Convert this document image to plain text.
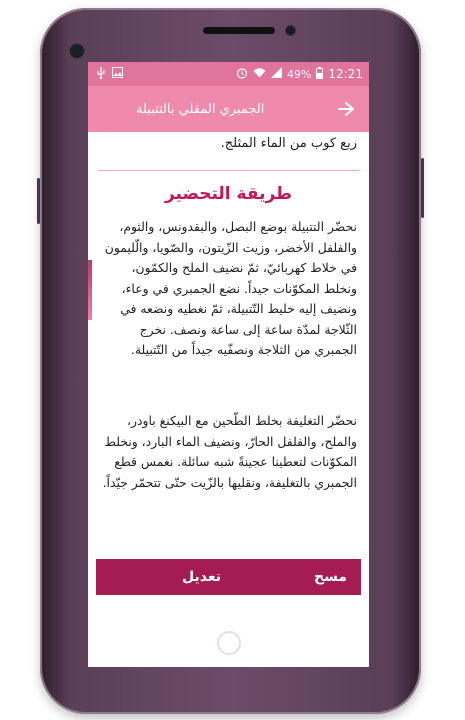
49% 12:21
الجمبري المقلي بالتتبيلة
ربع كوب من الماء المثلج.
طريقة التحضير
نحضّر التتبيلة بوضع البصل، والبقدونس، والثوم، والفلفل الأخضر، وزيت الزّيتون، والصّويا، والّليمون في خلاط كهربائيّ، ثمّ نضيف الملح والكمّون، ونخلط المكوّنات جيداً. نضع الجمبري في وعاء، ونضيف إليه خليط التّتبيلة، ثمّ نغطيه ونضعه في الثّلاجة لمدّة ساعة إلى ساعة ونصف. نخرج الجمبري من الثلاجة ونصفّيه جيداً من التّتبيلة.
نحضّر التغليفة بخلط الطّحين مع البيكنغ باودر، والملح، والفلفل الحارّ، ونضيف الماء البارد، ونخلط المكوّنات لتعطينا عجينةً شبه سائلة. نغمس قطع الجمبري بالتغليفة، ونقليها بالزّيت حتّى تتحمّر جيّداً.
تعديل	مسح
